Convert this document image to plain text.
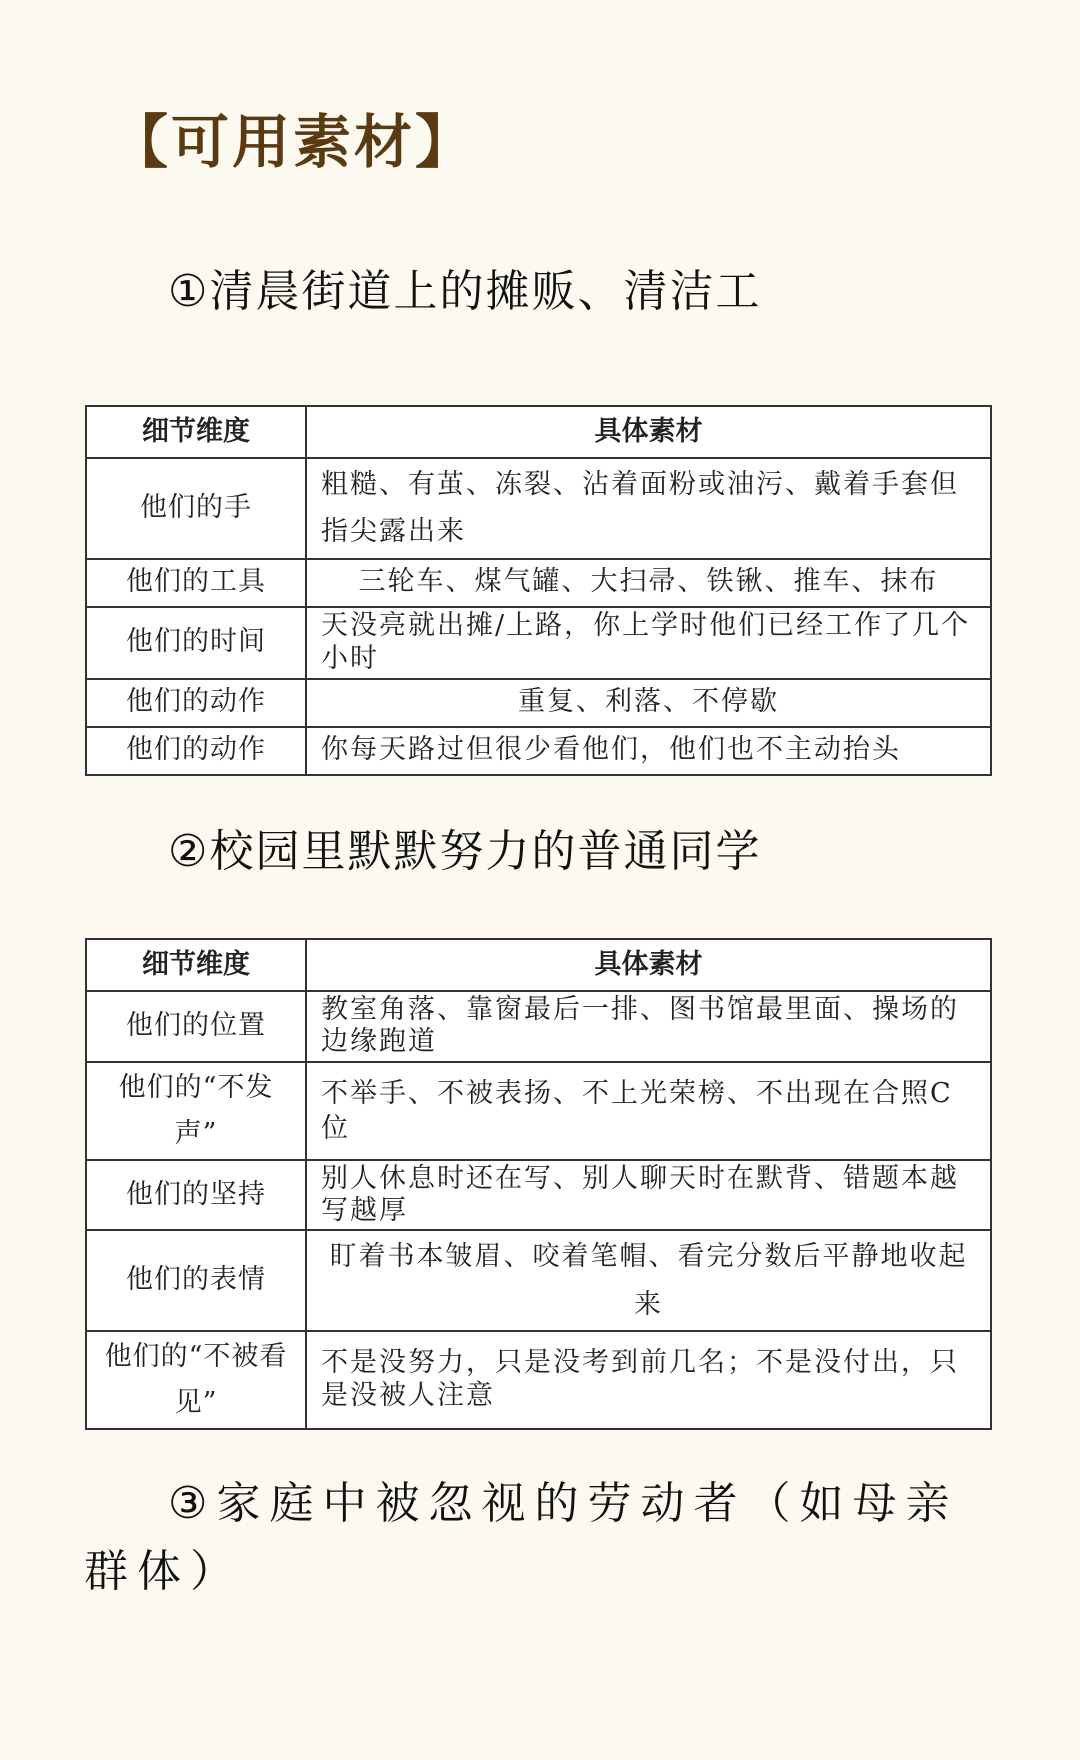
【可用素材】
①清晨街道上的摊贩、清洁工
细节维度	具体素材
他们的手	粗糙、有茧、冻裂、沾着面粉或油污、戴着手套但指尖露出来
他们的工具	三轮车、煤气罐、大扫帚、铁锹、推车、抹布
他们的时间	天没亮就出摊/上路，你上学时他们已经工作了几个小时
他们的动作	重复、利落、不停歇
他们的动作	你每天路过但很少看他们，他们也不主动抬头
②校园里默默努力的普通同学
细节维度	具体素材
他们的位置	教室角落、靠窗最后一排、图书馆最里面、操场的边缘跑道
他们的“不发声”	不举手、不被表扬、不上光荣榜、不出现在合照C位
他们的坚持	别人休息时还在写、别人聊天时在默背、错题本越写越厚
他们的表情	盯着书本皱眉、咬着笔帽、看完分数后平静地收起来
他们的“不被看见”	不是没努力，只是没考到前几名；不是没付出，只是没被人注意
③家庭中被忽视的劳动者（如母亲群体）
